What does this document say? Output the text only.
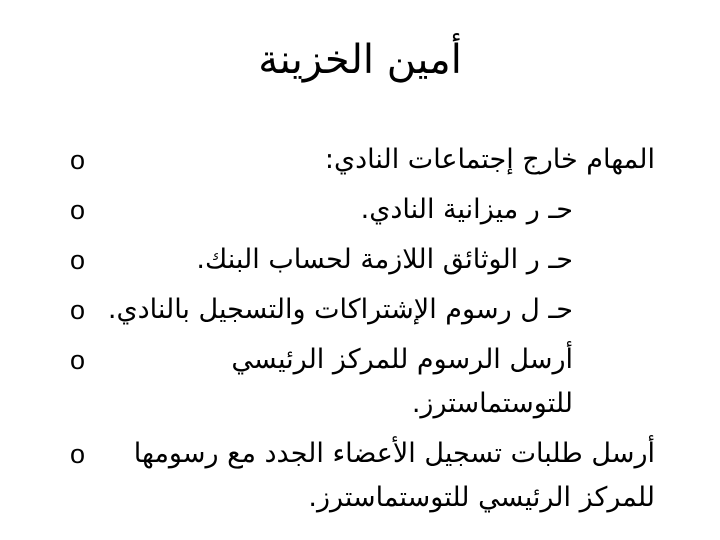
أمين الخزينة
o	المهام خارج إجتماعات النادي:
o	حـ ر ميزانية النادي.
o	حـ ر الوثائق اللازمة لحساب البنك.
o حـ ل رسوم الإشتراكات والتسجيل بالنادي.
o	أرسل الرسوم للمركز الرئيسي للتوستماسترز.
o	أرسل طلبات تسجيل الأعضاء الجدد مع رسومها للمركز الرئيسي للتوستماسترز.
